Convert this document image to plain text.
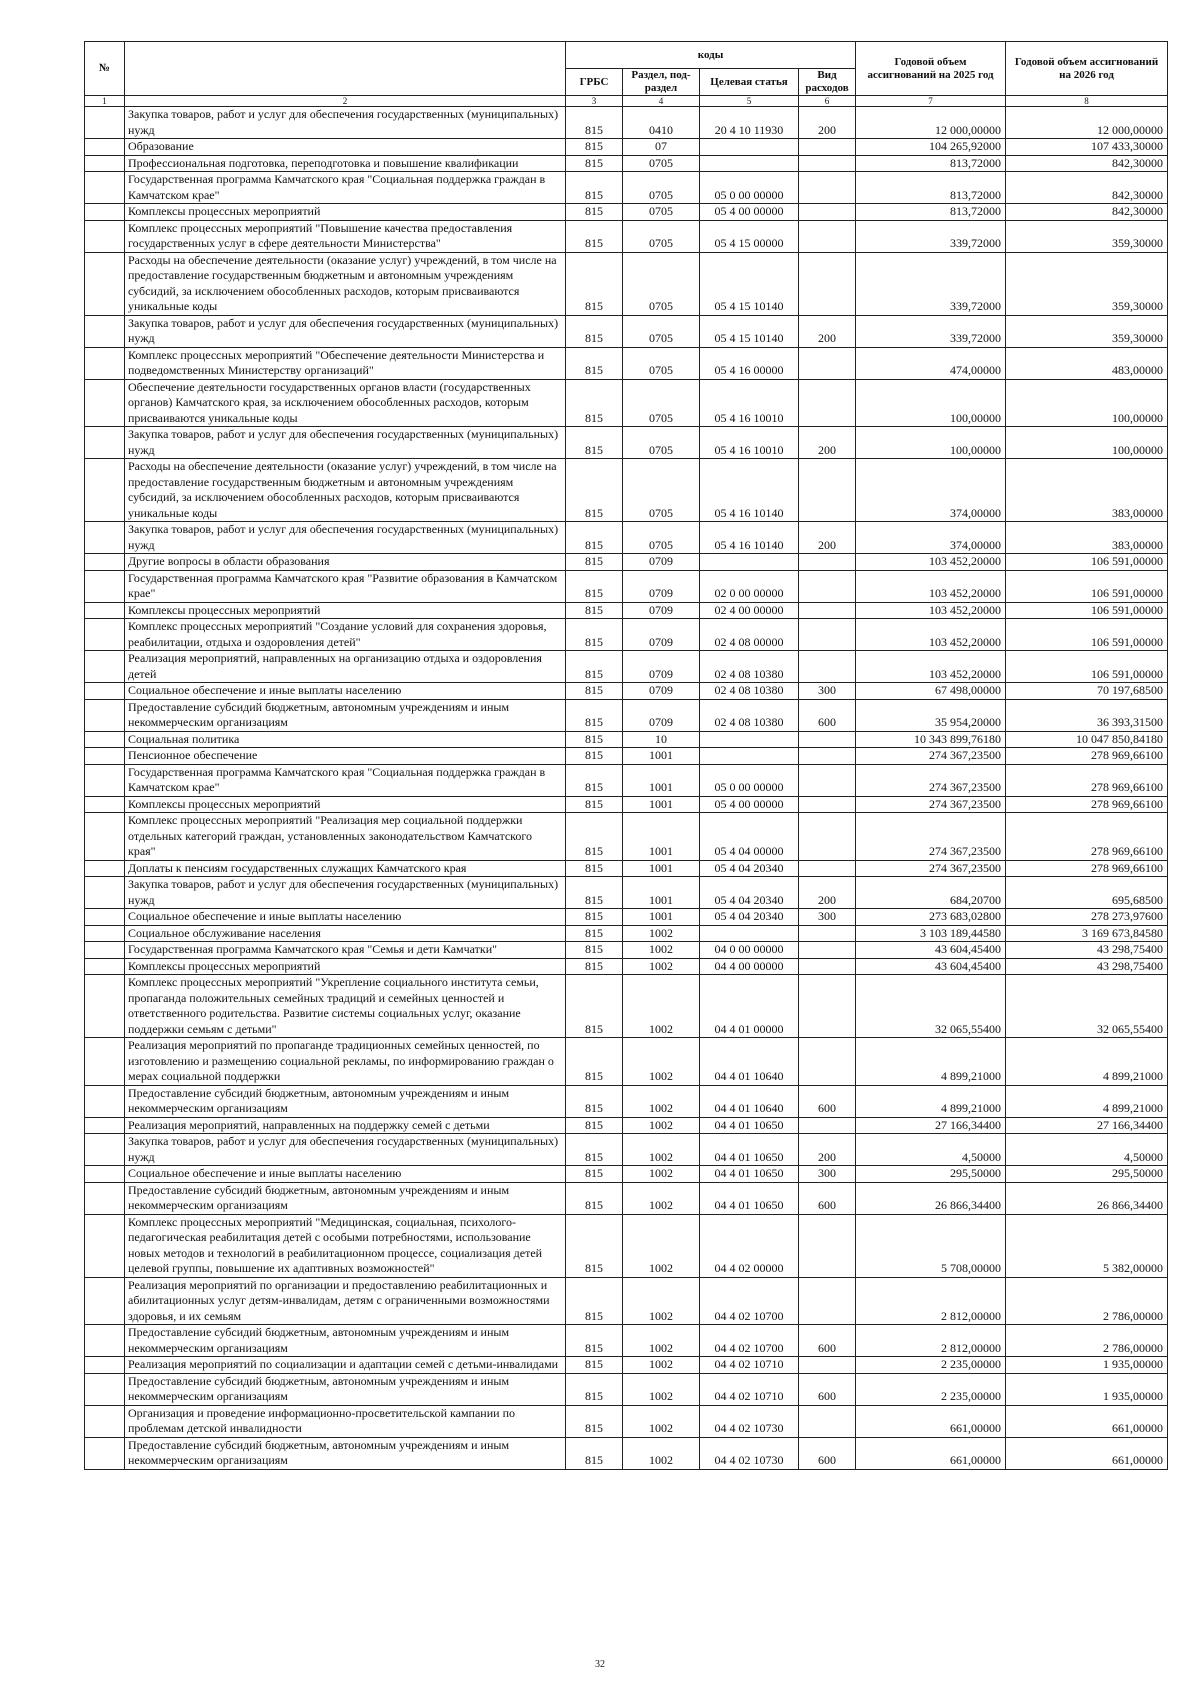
№		коды				Годовой объем ассигнований на 2025 год	Годовой объем ассигнований на 2026 год
		ГРБС	Раздел, под-раздел	Целевая статья	Вид расходов		
1	2	3	4	5	6	7	8
	Закупка товаров, работ и услуг для обеспечения государственных (муниципальных) нужд	815	0410	20 4 10 11930	200	12 000,00000	12 000,00000
	Образование	815	07			104 265,92000	107 433,30000
	Профессиональная подготовка, переподготовка и повышение квалификации	815	0705			813,72000	842,30000
	Государственная программа Камчатского края "Социальная поддержка граждан в Камчатском крае"	815	0705	05 0 00 00000		813,72000	842,30000
	Комплексы процессных мероприятий	815	0705	05 4 00 00000		813,72000	842,30000
	Комплекс процессных мероприятий "Повышение качества предоставления государственных услуг в сфере деятельности Министерства"	815	0705	05 4 15 00000		339,72000	359,30000
	Расходы на обеспечение деятельности (оказание услуг) учреждений, в том числе на предоставление государственным бюджетным и автономным учреждениям субсидий, за исключением обособленных расходов, которым присваиваются уникальные коды	815	0705	05 4 15 10140		339,72000	359,30000
	Закупка товаров, работ и услуг для обеспечения государственных (муниципальных) нужд	815	0705	05 4 15 10140	200	339,72000	359,30000
	Комплекс процессных мероприятий "Обеспечение деятельности Министерства и подведомственных Министерству организаций"	815	0705	05 4 16 00000		474,00000	483,00000
	Обеспечение деятельности государственных органов власти (государственных органов) Камчатского края, за исключением обособленных расходов, которым присваиваются уникальные коды	815	0705	05 4 16 10010		100,00000	100,00000
	Закупка товаров, работ и услуг для обеспечения государственных (муниципальных) нужд	815	0705	05 4 16 10010	200	100,00000	100,00000
	Расходы на обеспечение деятельности (оказание услуг) учреждений, в том числе на предоставление государственным бюджетным и автономным учреждениям субсидий, за исключением обособленных расходов, которым присваиваются уникальные коды	815	0705	05 4 16 10140		374,00000	383,00000
	Закупка товаров, работ и услуг для обеспечения государственных (муниципальных) нужд	815	0705	05 4 16 10140	200	374,00000	383,00000
	Другие вопросы в области образования	815	0709			103 452,20000	106 591,00000
	Государственная программа Камчатского края "Развитие образования в Камчатском крае"	815	0709	02 0 00 00000		103 452,20000	106 591,00000
	Комплексы процессных мероприятий	815	0709	02 4 00 00000		103 452,20000	106 591,00000
	Комплекс процессных мероприятий "Создание условий для сохранения здоровья, реабилитации, отдыха и оздоровления детей"	815	0709	02 4 08 00000		103 452,20000	106 591,00000
	Реализация мероприятий, направленных на организацию отдыха и оздоровления детей	815	0709	02 4 08 10380		103 452,20000	106 591,00000
	Социальное обеспечение и иные выплаты населению	815	0709	02 4 08 10380	300	67 498,00000	70 197,68500
	Предоставление субсидий бюджетным, автономным учреждениям и иным некоммерческим организациям	815	0709	02 4 08 10380	600	35 954,20000	36 393,31500
	Социальная политика	815	10			10 343 899,76180	10 047 850,84180
	Пенсионное обеспечение	815	1001			274 367,23500	278 969,66100
	Государственная программа Камчатского края "Социальная поддержка граждан в Камчатском крае"	815	1001	05 0 00 00000		274 367,23500	278 969,66100
	Комплексы процессных мероприятий	815	1001	05 4 00 00000		274 367,23500	278 969,66100
	Комплекс процессных мероприятий "Реализация мер социальной поддержки отдельных категорий граждан, установленных законодательством Камчатского края"	815	1001	05 4 04 00000		274 367,23500	278 969,66100
	Доплаты к пенсиям государственных служащих Камчатского края	815	1001	05 4 04 20340		274 367,23500	278 969,66100
	Закупка товаров, работ и услуг для обеспечения государственных (муниципальных) нужд	815	1001	05 4 04 20340	200	684,20700	695,68500
	Социальное обеспечение и иные выплаты населению	815	1001	05 4 04 20340	300	273 683,02800	278 273,97600
	Социальное обслуживание населения	815	1002			3 103 189,44580	3 169 673,84580
	Государственная программа Камчатского края "Семья и дети Камчатки"	815	1002	04 0 00 00000		43 604,45400	43 298,75400
	Комплексы процессных мероприятий	815	1002	04 4 00 00000		43 604,45400	43 298,75400
	Комплекс процессных мероприятий "Укрепление социального института семьи, пропаганда положительных семейных традиций и семейных ценностей и ответственного родительства. Развитие системы социальных услуг, оказание поддержки семьям с детьми"	815	1002	04 4 01 00000		32 065,55400	32 065,55400
	Реализация мероприятий по пропаганде традиционных семейных ценностей, по изготовлению и размещению социальной рекламы, по информированию граждан о мерах социальной поддержки	815	1002	04 4 01 10640		4 899,21000	4 899,21000
	Предоставление субсидий бюджетным, автономным учреждениям и иным некоммерческим организациям	815	1002	04 4 01 10640	600	4 899,21000	4 899,21000
	Реализация мероприятий, направленных на поддержку семей с детьми	815	1002	04 4 01 10650		27 166,34400	27 166,34400
	Закупка товаров, работ и услуг для обеспечения государственных (муниципальных) нужд	815	1002	04 4 01 10650	200	4,50000	4,50000
	Социальное обеспечение и иные выплаты населению	815	1002	04 4 01 10650	300	295,50000	295,50000
	Предоставление субсидий бюджетным, автономным учреждениям и иным некоммерческим организациям	815	1002	04 4 01 10650	600	26 866,34400	26 866,34400
	Комплекс процессных мероприятий "Медицинская, социальная, психолого-педагогическая реабилитация детей с особыми потребностями, использование новых методов и технологий в реабилитационном процессе, социализация детей целевой группы, повышение их адаптивных возможностей"	815	1002	04 4 02 00000		5 708,00000	5 382,00000
	Реализация мероприятий по организации и предоставлению реабилитационных и абилитационных услуг детям-инвалидам, детям с ограниченными возможностями здоровья, и их семьям	815	1002	04 4 02 10700		2 812,00000	2 786,00000
	Предоставление субсидий бюджетным, автономным учреждениям и иным некоммерческим организациям	815	1002	04 4 02 10700	600	2 812,00000	2 786,00000
	Реализация мероприятий по социализации и адаптации семей с детьми-инвалидами	815	1002	04 4 02 10710		2 235,00000	1 935,00000
	Предоставление субсидий бюджетным, автономным учреждениям и иным некоммерческим организациям	815	1002	04 4 02 10710	600	2 235,00000	1 935,00000
	Организация и проведение информационно-просветительской кампании по проблемам детской инвалидности	815	1002	04 4 02 10730		661,00000	661,00000
	Предоставление субсидий бюджетным, автономным учреждениям и иным некоммерческим организациям	815	1002	04 4 02 10730	600	661,00000	661,00000
32
